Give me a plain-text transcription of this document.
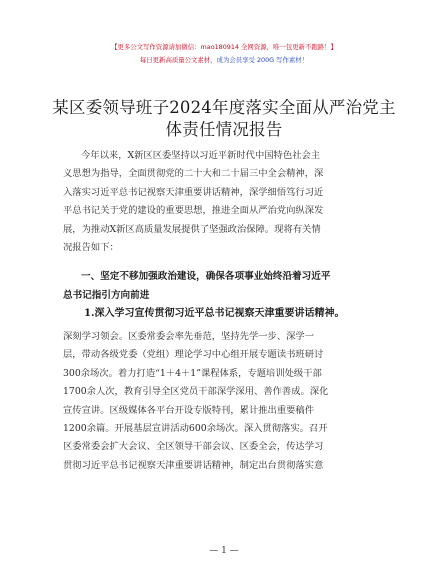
【更多公文写作资源请加微信：mao180914 全网资源，唯一包更新不跑路！】
每日更新高质量公文素材，成为会员享受 200G 写作素材！
某区委领导班子2024年度落实全面从严治党主
体责任情况报告
今年以来，X新区区委坚持以习近平新时代中国特色社会主
义思想为指导，全面贯彻党的二十大和二十届三中全会精神，深
入落实习近平总书记视察天津重要讲话精神，深学细悟笃行习近
平总书记关于党的建设的重要思想，推进全面从严治党向纵深发
展，为推动X新区高质量发展提供了坚强政治保障。现将有关情
况报告如下：
一、坚定不移加强政治建设，确保各项事业始终沿着习近平
总书记指引方向前进
1.深入学习宣传贯彻习近平总书记视察天津重要讲话精神。
深刻学习领会。区委常委会率先垂范，坚持先学一步、深学一
层，带动各级党委（党组）理论学习中心组开展专题读书班研讨
300余场次。着力打造“1＋4＋1”课程体系，专题培训处级干部
1700余人次，教育引导全区党员干部深学深用、善作善成。深化
宣传宣讲。区级媒体各平台开设专版特刊，累计推出重要稿件
1200余篇。开展基层宣讲活动600余场次。深入贯彻落实。召开
区委常委会扩大会议、全区领导干部会议、区委全会，传达学习
贯彻习近平总书记视察天津重要讲话精神，制定出台贯彻落实意
— 1 —
